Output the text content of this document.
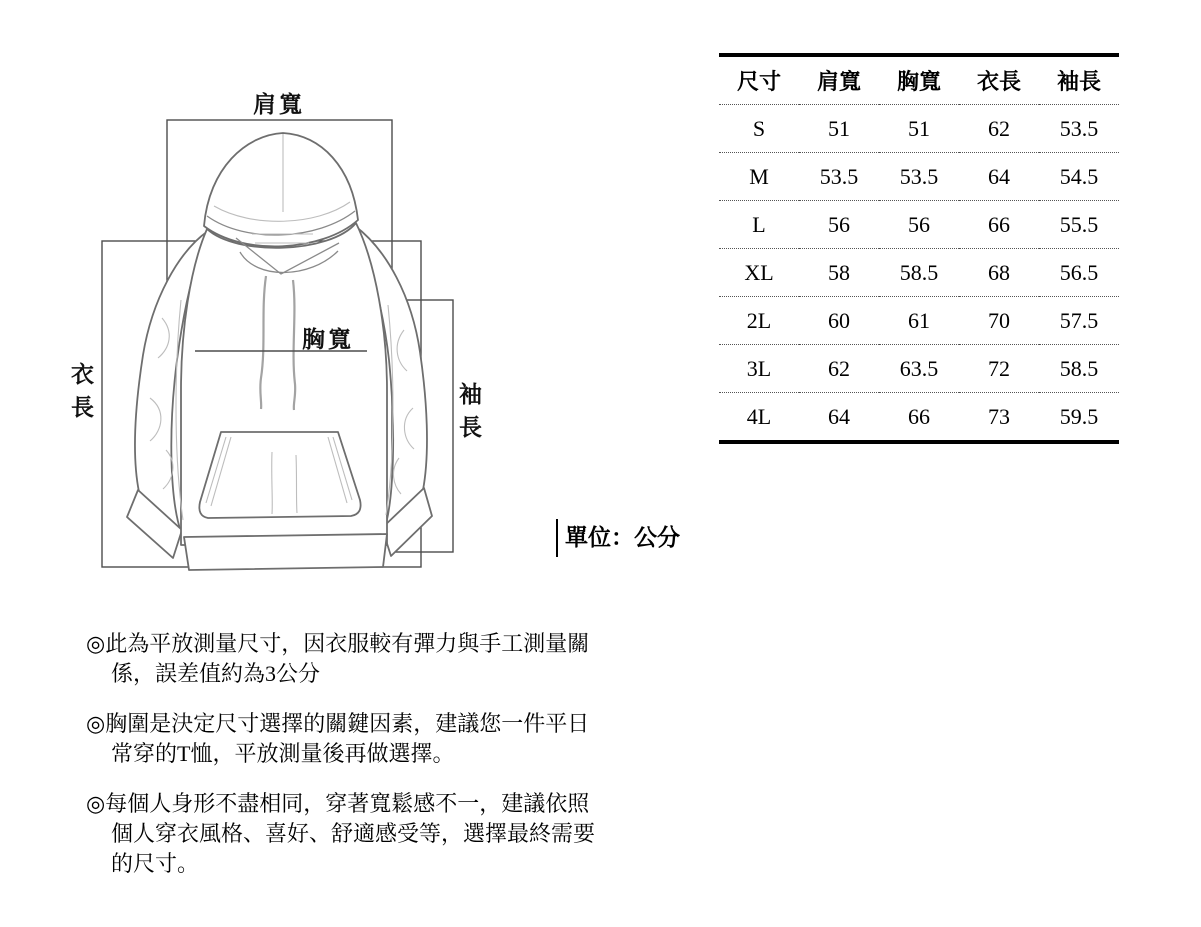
肩寬
胸寬
衣長	袖長
單位：公分
尺寸	肩寬	胸寬	衣長	袖長
S	51	51	62	53.5
M	53.5	53.5	64	54.5
L	56	56	66	55.5
XL	58	58.5	68	56.5
2L	60	61	70	57.5
3L	62	63.5	72	58.5
4L	64	66	73	59.5
◎此為平放測量尺寸，因衣服較有彈力與手工測量關
係，誤差值約為3公分
◎胸圍是決定尺寸選擇的關鍵因素，建議您一件平日
常穿的T恤，平放測量後再做選擇。
◎每個人身形不盡相同，穿著寬鬆感不一，建議依照
個人穿衣風格、喜好、舒適感受等，選擇最終需要
的尺寸。
